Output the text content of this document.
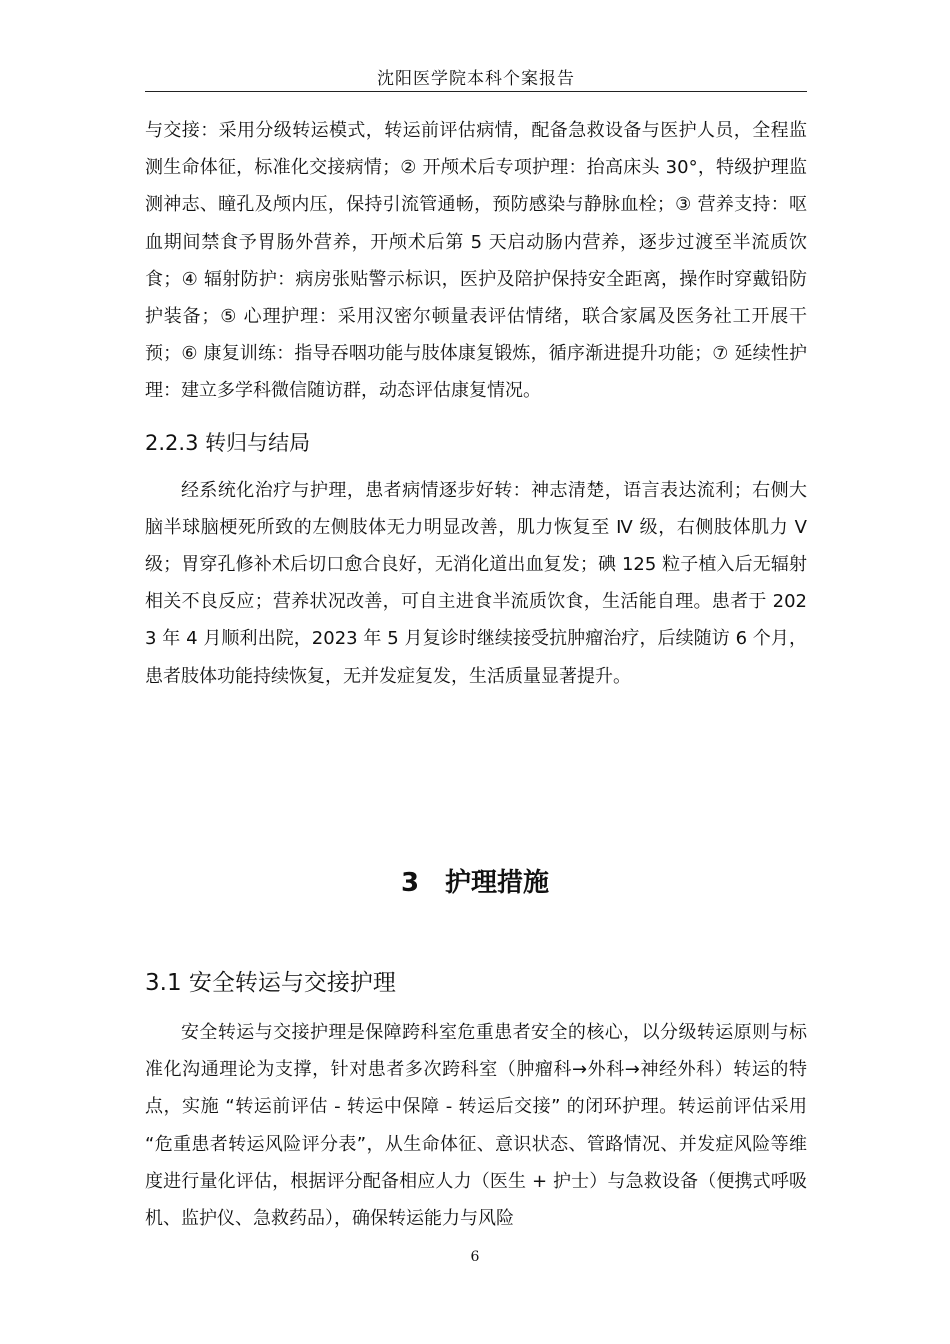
沈阳医学院本科个案报告

与交接：采用分级转运模式，转运前评估病情，配备急救设备与医护人员，全程监测生命体征，标准化交接病情；② 开颅术后专项护理：抬高床头 30°，特级护理监测神志、瞳孔及颅内压，保持引流管通畅，预防感染与静脉血栓；③ 营养支持：呕血期间禁食予胃肠外营养，开颅术后第 5 天启动肠内营养，逐步过渡至半流质饮食；④ 辐射防护：病房张贴警示标识，医护及陪护保持安全距离，操作时穿戴铅防护装备；⑤ 心理护理：采用汉密尔顿量表评估情绪，联合家属及医务社工开展干预；⑥ 康复训练：指导吞咽功能与肢体康复锻炼，循序渐进提升功能；⑦ 延续性护理：建立多学科微信随访群，动态评估康复情况。

2.2.3 转归与结局

经系统化治疗与护理，患者病情逐步好转：神志清楚，语言表达流利；右侧大脑半球脑梗死所致的左侧肢体无力明显改善，肌力恢复至 Ⅳ 级，右侧肢体肌力 Ⅴ 级；胃穿孔修补术后切口愈合良好，无消化道出血复发；碘 125 粒子植入后无辐射相关不良反应；营养状况改善，可自主进食半流质饮食，生活能自理。患者于 2023 年 4 月顺利出院，2023 年 5 月复诊时继续接受抗肿瘤治疗，后续随访 6 个月，患者肢体功能持续恢复，无并发症复发，生活质量显著提升。

3　护理措施
3.1 安全转运与交接护理

安全转运与交接护理是保障跨科室危重患者安全的核心，以分级转运原则与标准化沟通理论为支撑，针对患者多次跨科室（肿瘤科→外科→神经外科）转运的特点，实施 “转运前评估 - 转运中保障 - 转运后交接” 的闭环护理。转运前评估采用 “危重患者转运风险评分表”，从生命体征、意识状态、管路情况、并发症风险等维度进行量化评估，根据评分配备相应人力（医生 + 护士）与急救设备（便携式呼吸机、监护仪、急救药品），确保转运能力与风险

6
